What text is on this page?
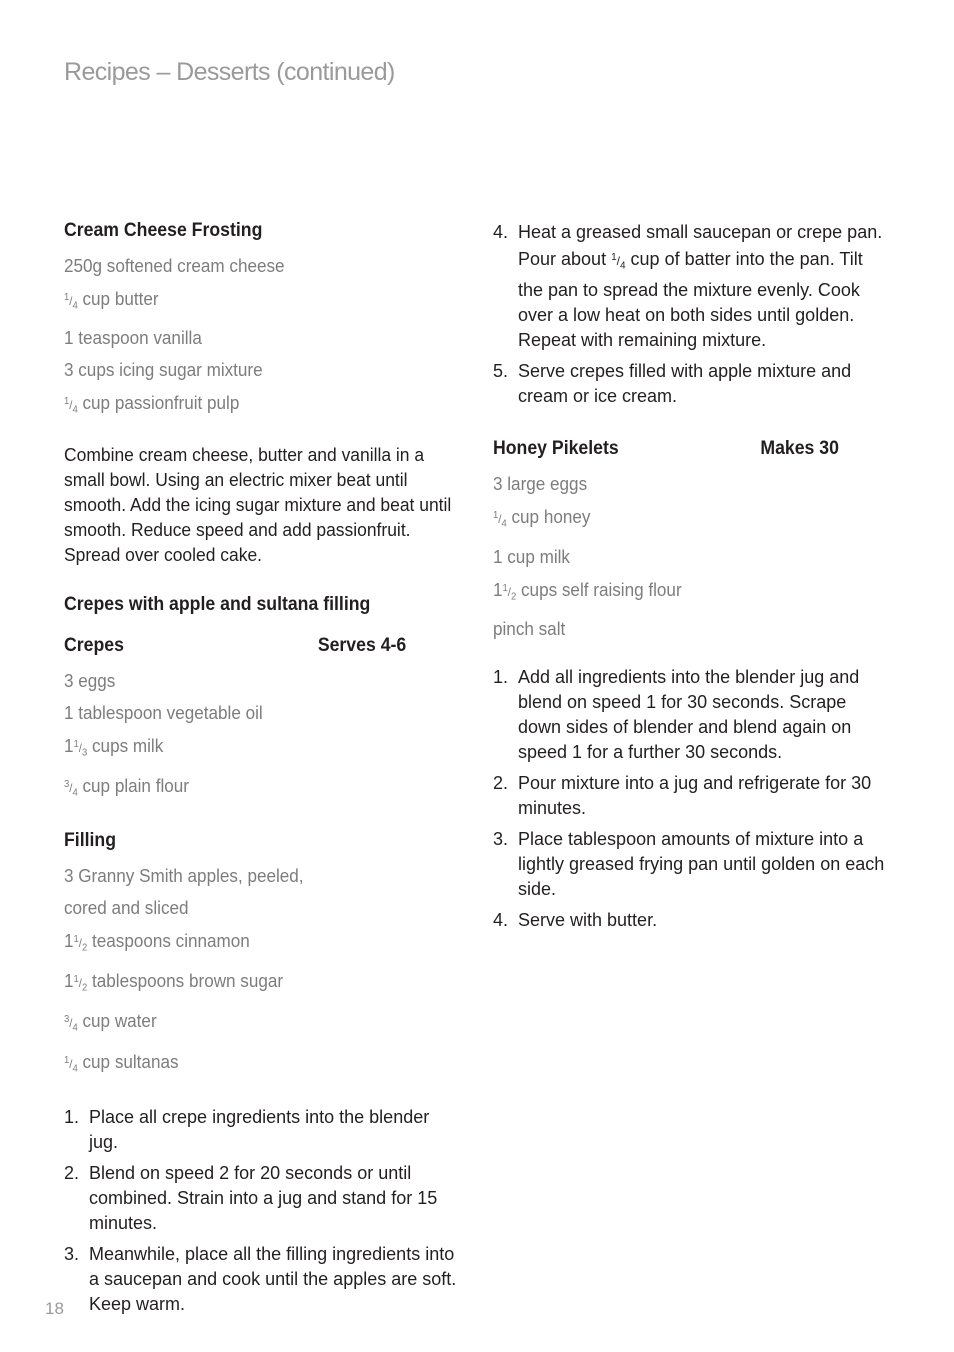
Recipes – Desserts (continued)
Cream Cheese Frosting
250g softened cream cheese
$^1/_4$ cup butter
1 teaspoon vanilla
3 cups icing sugar mixture
$^1/_4$ cup passionfruit pulp

Combine cream cheese, butter and vanilla in a small bowl. Using an electric mixer beat until smooth. Add the icing sugar mixture and beat until smooth. Reduce speed and add passionfruit. Spread over cooled cake.

Crepes with apple and sultana filling
Crepes	Serves 4-6
3 eggs
1 tablespoon vegetable oil
$1^1/_3$ cups milk
$^3/_4$ cup plain flour
Filling
3 Granny Smith apples, peeled,
cored and sliced
$1^1/_2$ teaspoons cinnamon
$1^1/_2$ tablespoons brown sugar
$^3/_4$ cup water
$^1/_4$ cup sultanas
1. Place all crepe ingredients into the blender jug.
2. Blend on speed 2 for 20 seconds or until combined. Strain into a jug and stand for 15 minutes.
3. Meanwhile, place all the filling ingredients into a saucepan and cook until the apples are soft. Keep warm.
4. Heat a greased small saucepan or crepe pan. Pour about $^1/_4$ cup of batter into the pan. Tilt the pan to spread the mixture evenly. Cook over a low heat on both sides until golden. Repeat with remaining mixture.
5. Serve crepes filled with apple mixture and cream or ice cream.
Honey Pikelets	Makes 30
3 large eggs
$^1/_4$ cup honey
1 cup milk
$1^1/_2$ cups self raising flour
pinch salt
1. Add all ingredients into the blender jug and blend on speed 1 for 30 seconds. Scrape down sides of blender and blend again on speed 1 for a further 30 seconds.
2. Pour mixture into a jug and refrigerate for 30 minutes.
3. Place tablespoon amounts of mixture into a lightly greased frying pan until golden on each side.
4. Serve with butter.
18
